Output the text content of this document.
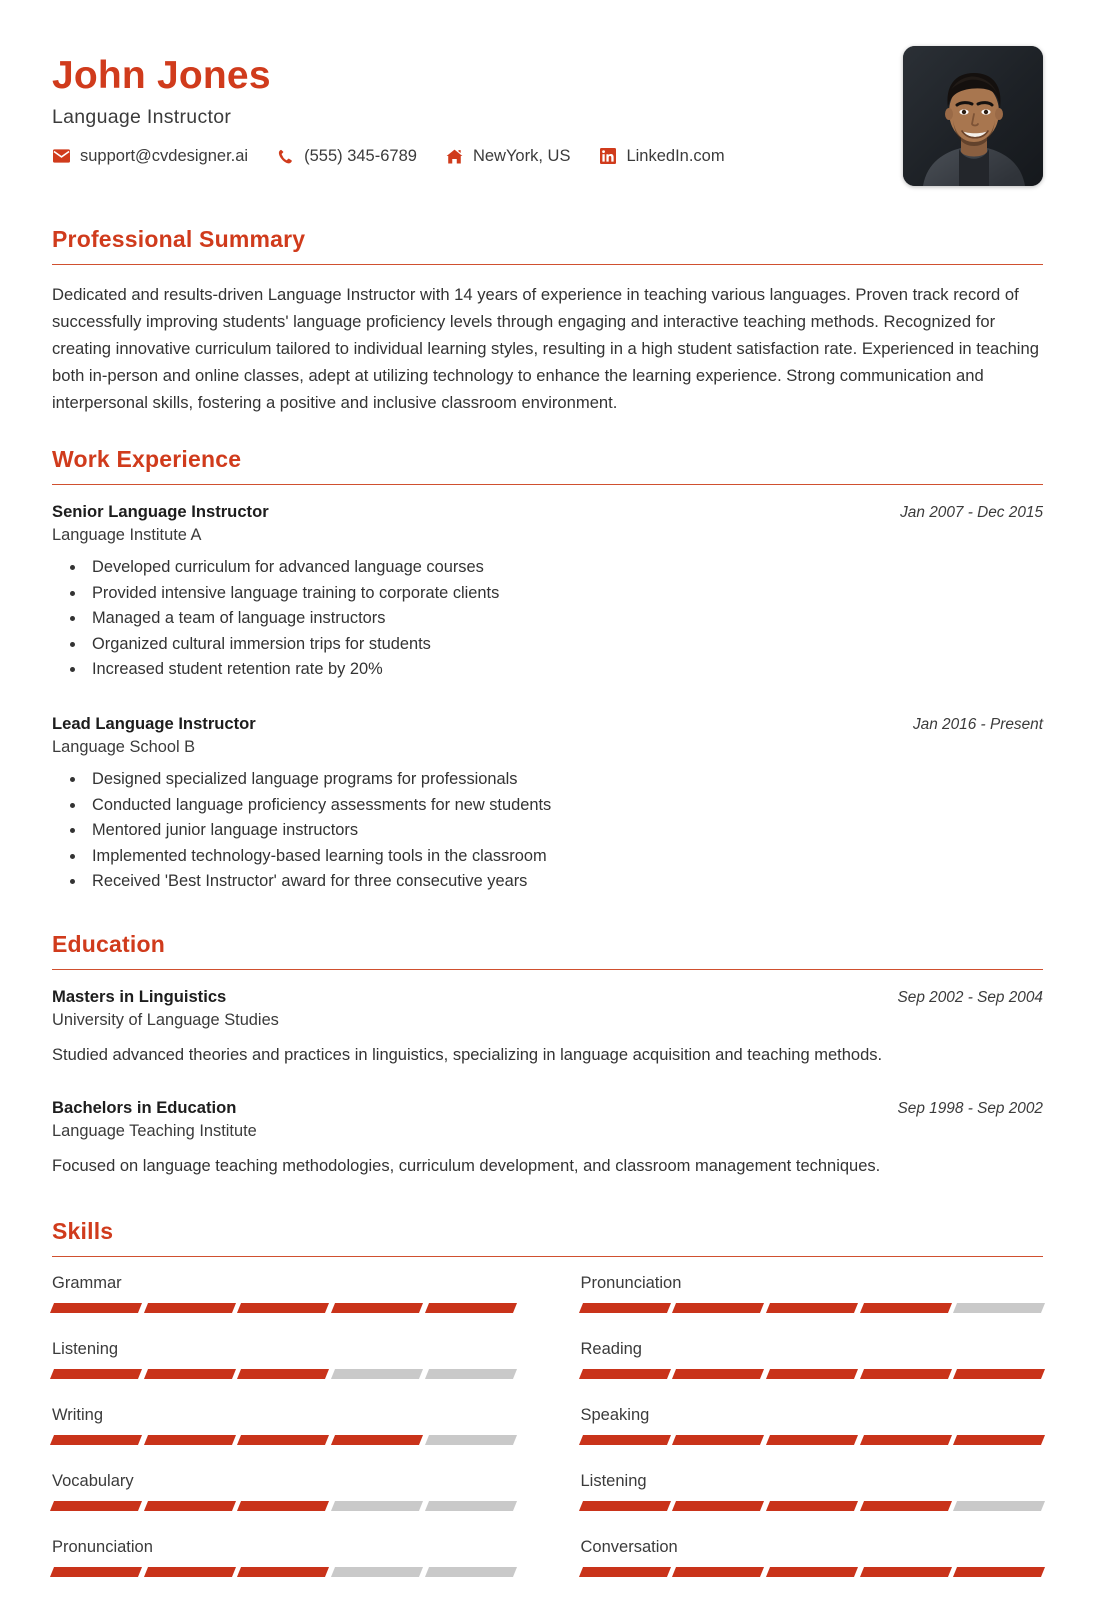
John Jones
Language Instructor
support@cvdesigner.ai	(555) 345-6789	NewYork, US	LinkedIn.com
Professional Summary

Dedicated and results-driven Language Instructor with 14 years of experience in teaching various languages. Proven track record of successfully improving students' language proficiency levels through engaging and interactive teaching methods. Recognized for creating innovative curriculum tailored to individual learning styles, resulting in a high student satisfaction rate. Experienced in teaching both in-person and online classes, adept at utilizing technology to enhance the learning experience. Strong communication and interpersonal skills, fostering a positive and inclusive classroom environment.

Work Experience
Senior Language Instructor	Jan 2007 - Dec 2015
Language Institute A
• Developed curriculum for advanced language courses
• Provided intensive language training to corporate clients
• Managed a team of language instructors
• Organized cultural immersion trips for students
• Increased student retention rate by 20%
Lead Language Instructor	Jan 2016 - Present
Language School B
• Designed specialized language programs for professionals
• Conducted language proficiency assessments for new students
• Mentored junior language instructors
• Implemented technology-based learning tools in the classroom
• Received 'Best Instructor' award for three consecutive years
Education
Masters in Linguistics	Sep 2002 - Sep 2004
University of Language Studies

Studied advanced theories and practices in linguistics, specializing in language acquisition and teaching methods.

Bachelors in Education	Sep 1998 - Sep 2002
Language Teaching Institute

Focused on language teaching methodologies, curriculum development, and classroom management techniques.

Skills
Grammar	Pronunciation
Listening	Reading
Writing	Speaking
Vocabulary	Listening
Pronunciation	Conversation
